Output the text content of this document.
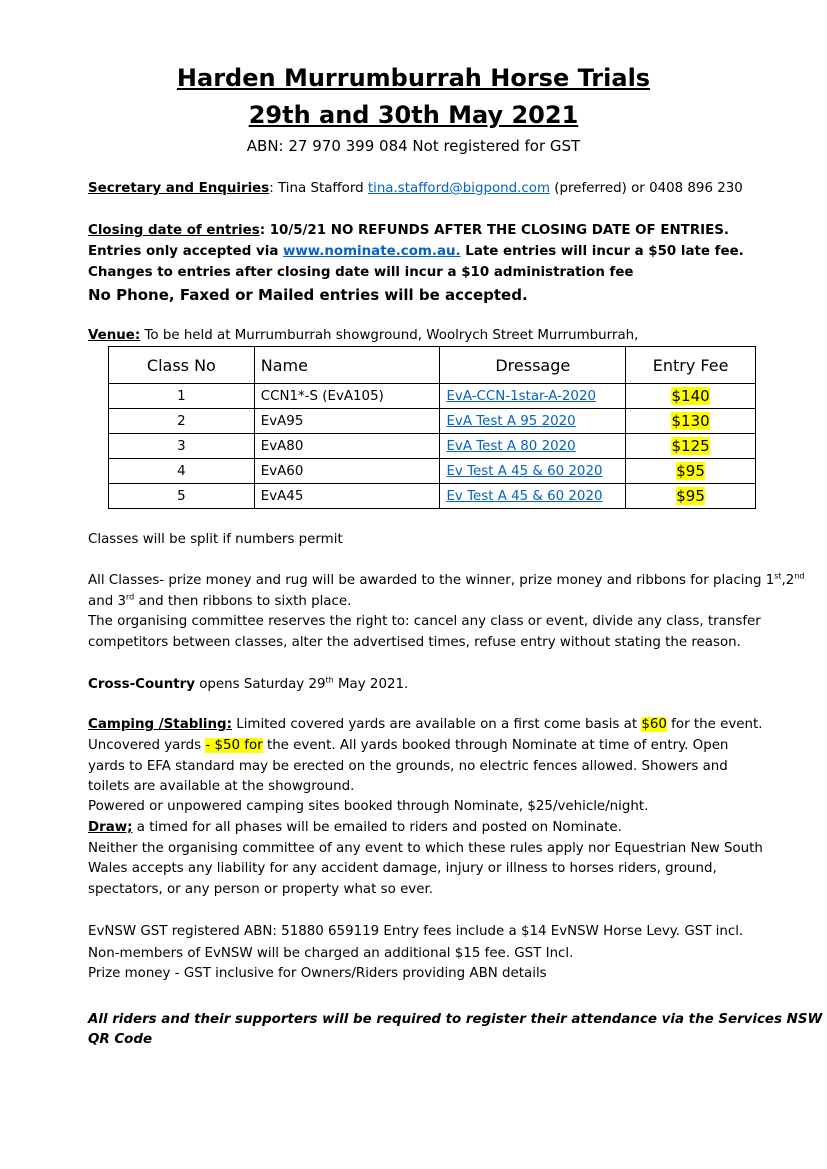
Harden Murrumburrah Horse Trials
29th and 30th May 2021
ABN: 27 970 399 084 Not registered for GST
Secretary and Enquiries: Tina Stafford tina.stafford@bigpond.com (preferred) or 0408 896 230
Closing date of entries: 10/5/21 NO REFUNDS AFTER THE CLOSING DATE OF ENTRIES.
Entries only accepted via www.nominate.com.au. Late entries will incur a $50 late fee.
Changes to entries after closing date will incur a $10 administration fee
No Phone, Faxed or Mailed entries will be accepted.
Venue: To be held at Murrumburrah showground, Woolrych Street Murrumburrah,
Class No	Name	Dressage	Entry Fee
1	CCN1*-S (EvA105)	EvA-CCN-1star-A-2020	$140
2	EvA95	EvA Test A 95 2020	$130
3	EvA80	EvA Test A 80 2020	$125
4	EvA60	Ev Test A 45 & 60 2020	$95
5	EvA45	Ev Test A 45 & 60 2020	$95
Classes will be split if numbers permit
All Classes- prize money and rug will be awarded to the winner, prize money and ribbons for placing 1st,2nd
and 3rd and then ribbons to sixth place.
The organising committee reserves the right to: cancel any class or event, divide any class, transfer
competitors between classes, alter the advertised times, refuse entry without stating the reason.
Cross-Country opens Saturday 29th May 2021.
Camping /Stabling: Limited covered yards are available on a first come basis at $60 for the event.
Uncovered yards - $50 for the event. All yards booked through Nominate at time of entry. Open
yards to EFA standard may be erected on the grounds, no electric fences allowed. Showers and
toilets are available at the showground.
Powered or unpowered camping sites booked through Nominate, $25/vehicle/night.
Draw; a timed for all phases will be emailed to riders and posted on Nominate.
Neither the organising committee of any event to which these rules apply nor Equestrian New South
Wales accepts any liability for any accident damage, injury or illness to horses riders, ground,
spectators, or any person or property what so ever.
EvNSW GST registered ABN: 51880 659119 Entry fees include a $14 EvNSW Horse Levy. GST incl.
Non-members of EvNSW will be charged an additional $15 fee. GST Incl.
Prize money - GST inclusive for Owners/Riders providing ABN details
All riders and their supporters will be required to register their attendance via the Services NSW
QR Code
